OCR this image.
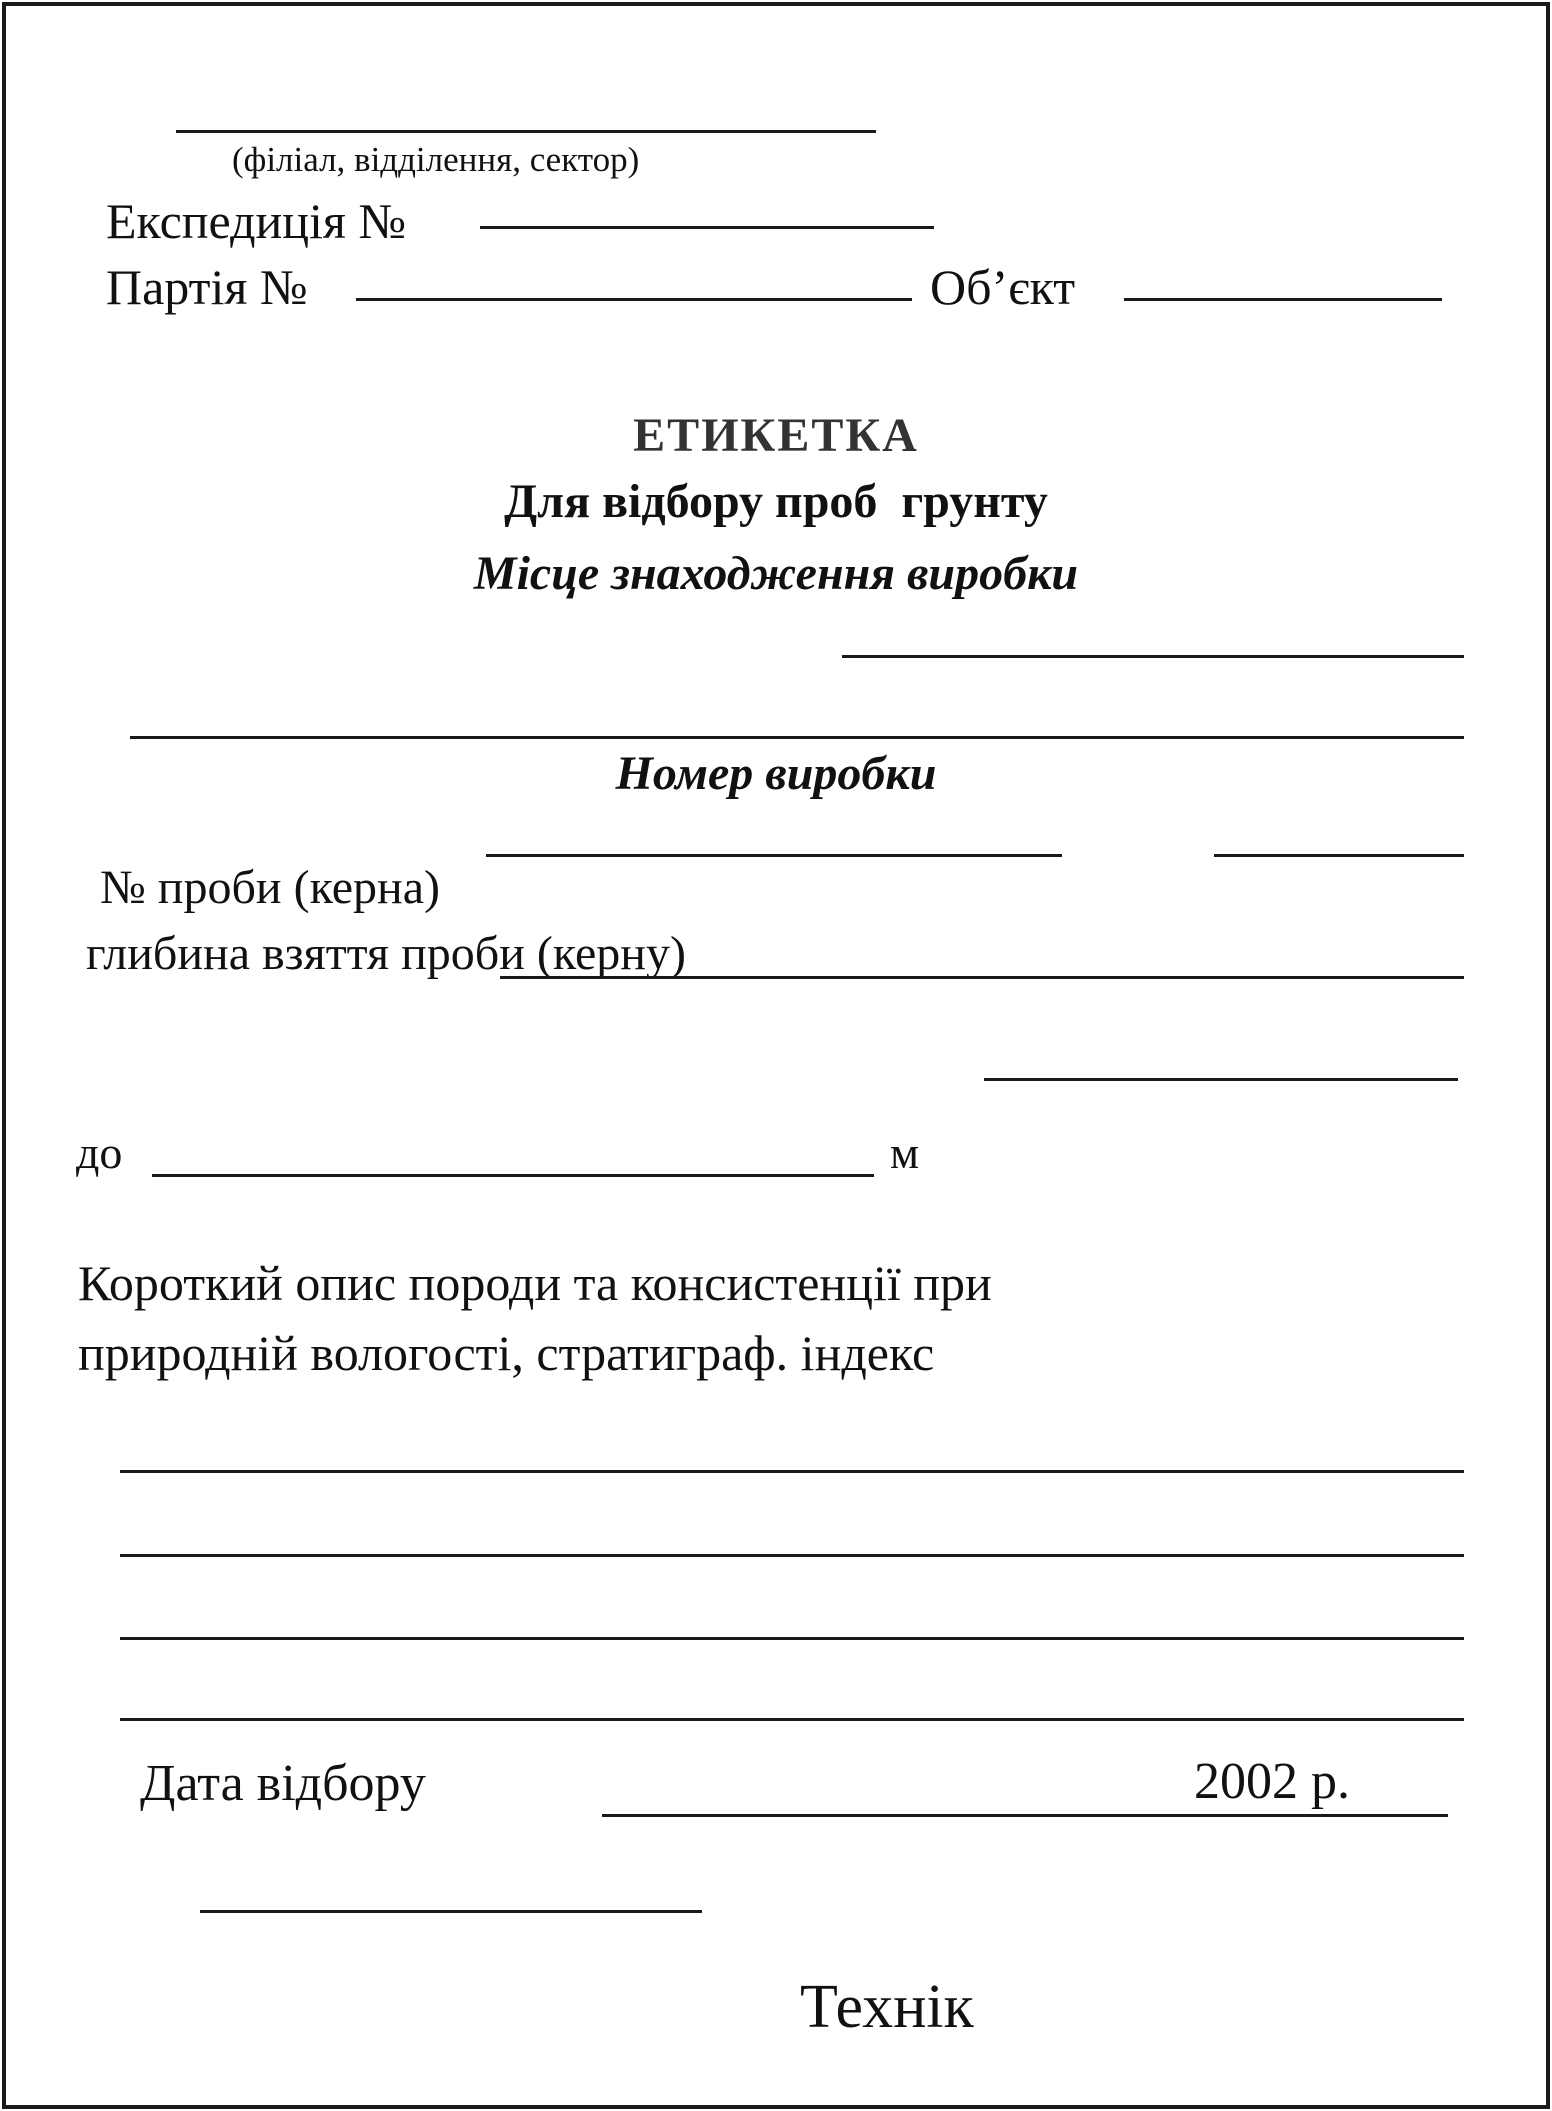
(філіал, відділення, сектор)
Експедиція №
Партія №	Об’єкт
ЕТИКЕТКА
Для відбору проб  грунту
Місце знаходження виробки
Номер виробки
№ проби (керна)
глибина взяття проби (керну)
до	м
Короткий опис породи та консистенції при
природній вологості, стратиграф. індекс
Дата відбору	2002 р.
Технік
